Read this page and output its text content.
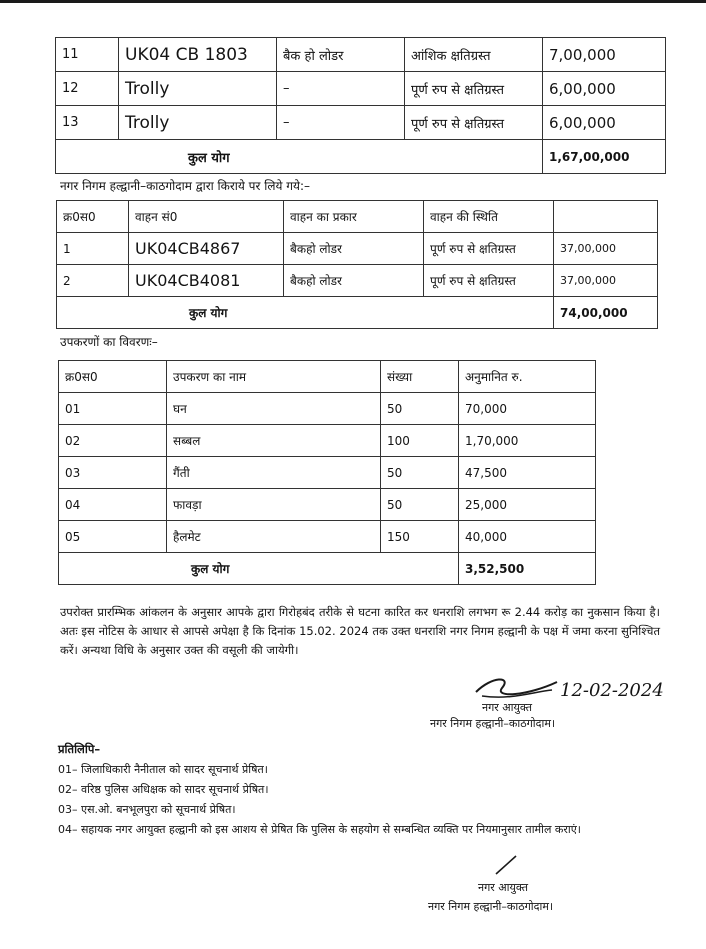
11	UK04 CB 1803	बैक हो लोडर	आंशिक क्षतिग्रस्त	7,00,000
12	Trolly	–	पूर्ण रुप से क्षतिग्रस्त	6,00,000
13	Trolly	–	पूर्ण रुप से क्षतिग्रस्त	6,00,000
कुल योग				1,67,00,000
नगर निगम हल्द्वानी–काठगोदाम द्वारा किराये पर लिये गये:–
क्र0स0	वाहन सं0	वाहन का प्रकार	वाहन की स्थिति	
1	UK04CB4867	बैकहो लोडर	पूर्ण रुप से क्षतिग्रस्त	37,00,000
2	UK04CB4081	बैकहो लोडर	पूर्ण रुप से क्षतिग्रस्त	37,00,000
कुल योग				74,00,000
उपकरणों का विवरणः–
क्र0स0	उपकरण का नाम	संख्या	अनुमानित रु.
01	घन	50	70,000
02	सब्बल	100	1,70,000
03	गैंती	50	47,500
04	फावड़ा	50	25,000
05	हैलमेट	150	40,000
कुल योग			3,52,500
उपरोक्त प्रारम्भिक आंकलन के अनुसार आपके द्वारा गिरोहबंद तरीके से घटना कारित कर धनराशि लगभग रू 2.44 करोड़ का नुकसान किया है। अतः इस नोटिस के आधार से आपसे अपेक्षा है कि दिनांक 15.02. 2024 तक उक्त धनराशि नगर निगम हल्द्वानी के पक्ष में जमा करना सुनिश्चित करें। अन्यथा विधि के अनुसार उक्त की वसूली की जायेगी।
12-02-2024
नगर आयुक्त
नगर निगम हल्द्वानी–काठगोदाम।
प्रतिलिपि–
01– जिलाधिकारी नैनीताल को सादर सूचनार्थ प्रेषित।
02– वरिष्ठ पुलिस अधिक्षक को सादर सूचनार्थ प्रेषित।
03– एस.ओ. बनभूलपुरा को सूचनार्थ प्रेषित।
04– सहायक नगर आयुक्त हल्द्वानी को इस आशय से प्रेषित कि पुलिस के सहयोग से सम्बन्धित व्यक्ति पर नियमानुसार तामील कराएं।
नगर आयुक्त
नगर निगम हल्द्वानी–काठगोदाम।
